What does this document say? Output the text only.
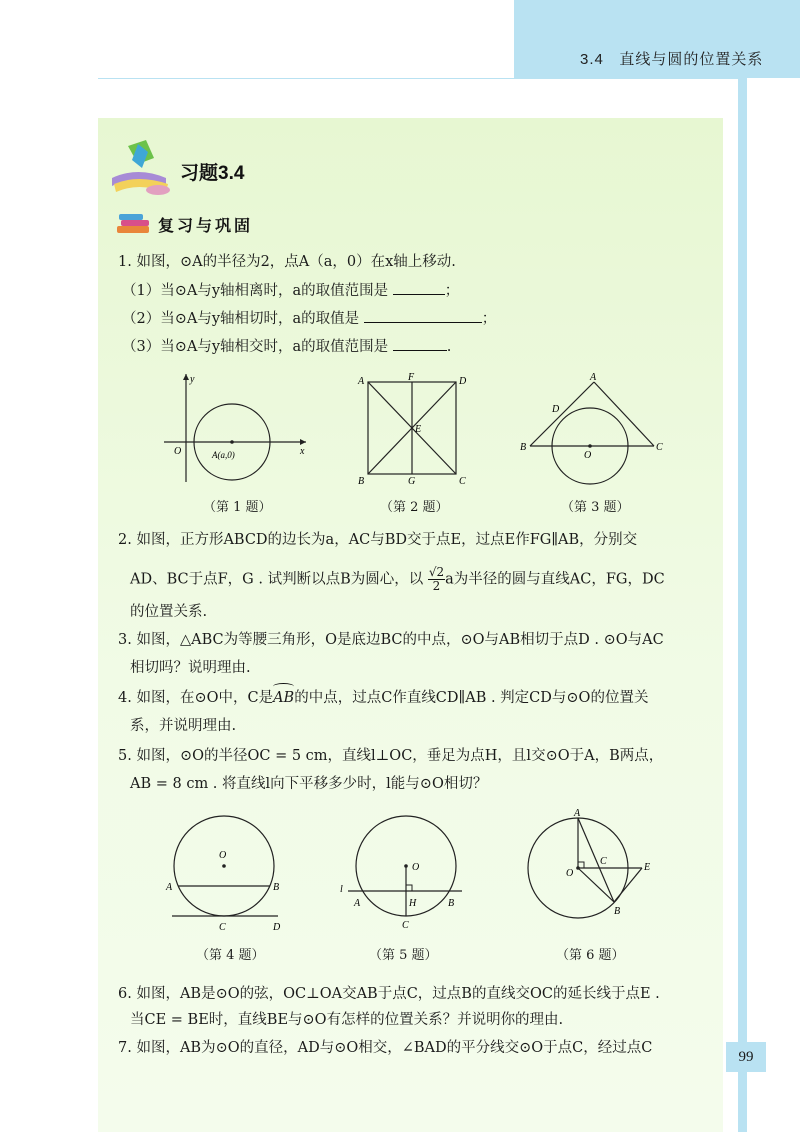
3.4 直线与圆的位置关系
习题3.4
复习与巩固
1. 如图，⊙A的半径为2，点A（a，0）在x轴上移动.
（1）当⊙A与y轴相离时，a的取值范围是	；
（2）当⊙A与y轴相切时，a的取值是	；
（3）当⊙A与y轴相交时，a的取值范围是	.
y
x
O	A(a,0)
A	F	D
E
B	G	C
A
D
B
O
C
（第 1 题）	（第 2 题）	（第 3 题）
2. 如图，正方形ABCD的边长为a，AC与BD交于点E，过点E作FG∥AB，分别交
AD、BC于点F，G . 试判断以点B为圆心，以 $\frac{√2}{2}$ a为半径的圆与直线AC，FG，DC
的位置关系.
3. 如图，△ABC为等腰三角形，O是底边BC的中点，⊙O与AB相切于点D . ⊙O与AC
相切吗？说明理由.
4. 如图，在⊙O中，C是
AB的中点，过点C作直线CD∥AB . 判定CD与⊙O的位置关
系，并说明理由.
5. 如图，⊙O的半径OC = 5 cm，直线l⊥OC，垂足为点H，且l交⊙O于A，B两点，
AB = 8 cm . 将直线l向下平移多少时，l能与⊙O相切？
O
A	B
C	D
O
l
A	H	B
C
A
O
C
E
B
（第 4 题）	（第 5 题）	（第 6 题）
6. 如图，AB是⊙O的弦，OC⊥OA交AB于点C，过点B的直线交OC的延长线于点E .
当CE = BE时，直线BE与⊙O有怎样的位置关系？并说明你的理由.
7. 如图，AB为⊙O的直径，AD与⊙O相交，∠BAD的平分线交⊙O于点C，经过点C
99
